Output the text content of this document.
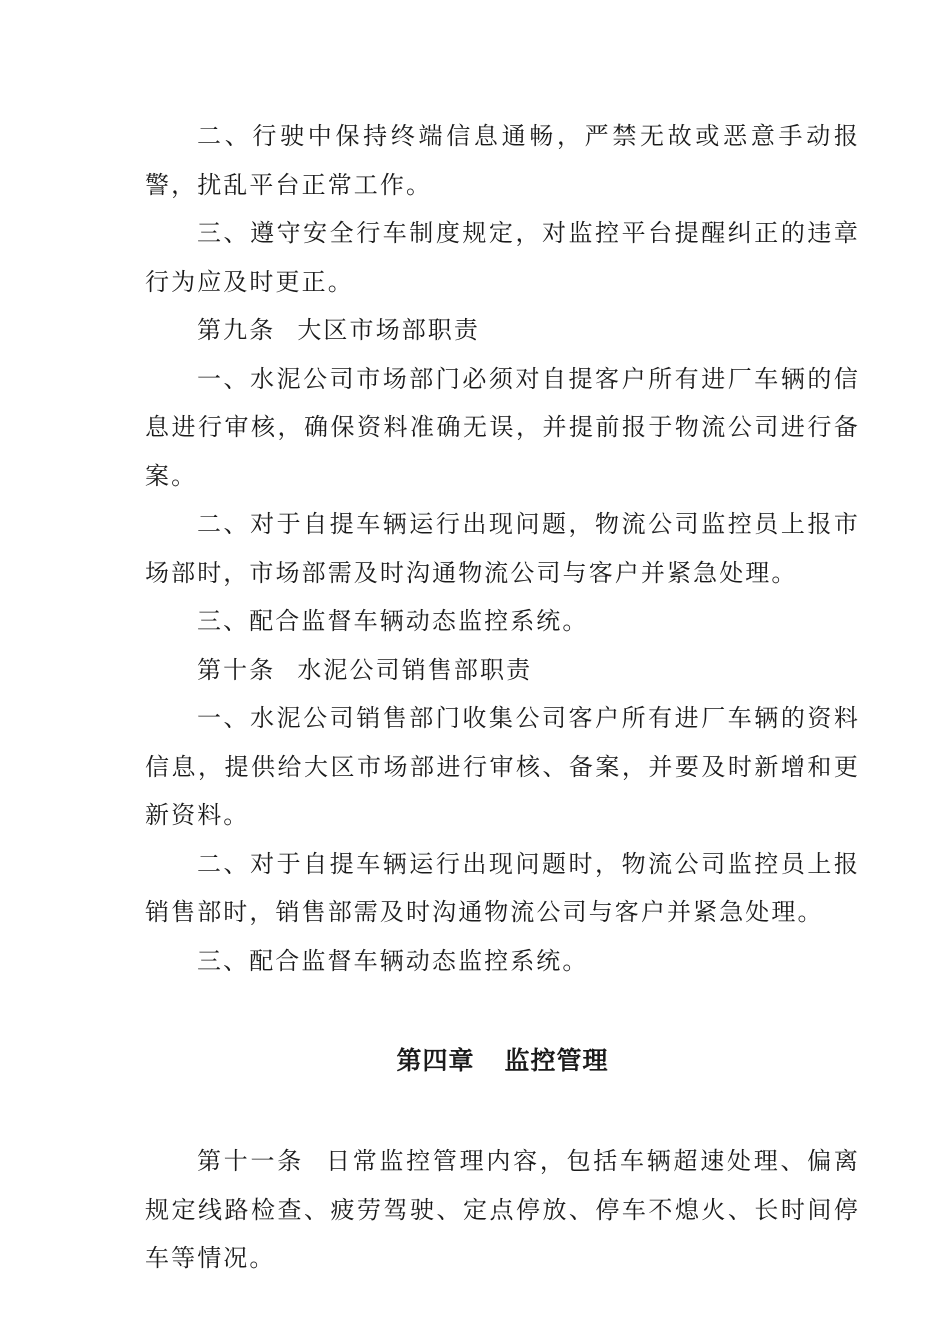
二、行驶中保持终端信息通畅，严禁无故或恶意手动报警，扰乱平台正常工作。

三、遵守安全行车制度规定，对监控平台提醒纠正的违章行为应及时更正。

第九条 大区市场部职责

一、水泥公司市场部门必须对自提客户所有进厂车辆的信息进行审核，确保资料准确无误，并提前报于物流公司进行备案。

二、对于自提车辆运行出现问题，物流公司监控员上报市场部时，市场部需及时沟通物流公司与客户并紧急处理。

三、配合监督车辆动态监控系统。

第十条 水泥公司销售部职责

一、水泥公司销售部门收集公司客户所有进厂车辆的资料信息，提供给大区市场部进行审核、备案，并要及时新增和更新资料。

二、对于自提车辆运行出现问题时，物流公司监控员上报销售部时，销售部需及时沟通物流公司与客户并紧急处理。

三、配合监督车辆动态监控系统。

第四章 监控管理

第十一条 日常监控管理内容，包括车辆超速处理、偏离规定线路检查、疲劳驾驶、定点停放、停车不熄火、长时间停车等情况。
